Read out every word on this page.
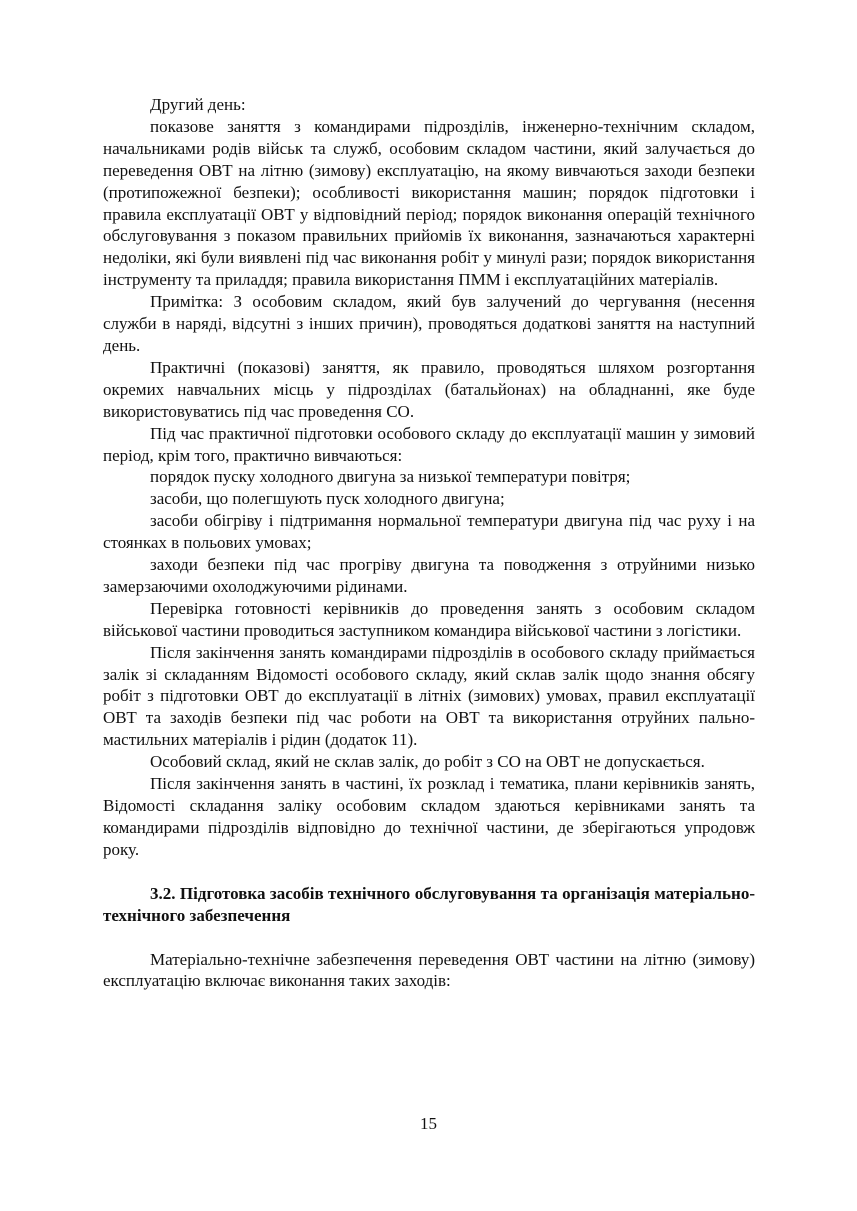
Другий день:

показове заняття з командирами підрозділів, інженерно-технічним складом, начальниками родів військ та служб, особовим складом частини, який залучається до переведення ОВТ на літню (зимову) експлуатацію, на якому вивчаються заходи безпеки (протипожежної безпеки); особливості використання машин; порядок підготовки і правила експлуатації ОВТ у відповідний період; порядок виконання операцій технічного обслуговування з показом правильних прийомів їх виконання, зазначаються характерні недоліки, які були виявлені під час виконання робіт у минулі рази; порядок використання інструменту та приладдя; правила використання ПММ і експлуатаційних матеріалів.

Примітка: З особовим складом, який був залучений до чергування (несення служби в наряді, відсутні з інших причин), проводяться додаткові заняття на наступний день.

Практичні (показові) заняття, як правило, проводяться шляхом розгортання окремих навчальних місць у підрозділах (батальйонах) на обладнанні, яке буде використовуватись під час проведення СО.

Під час практичної підготовки особового складу до експлуатації машин у зимовий період, крім того, практично вивчаються:

порядок пуску холодного двигуна за низької температури повітря;

засоби, що полегшують пуск холодного двигуна;

засоби обігріву і підтримання нормальної температури двигуна під час руху і на стоянках в польових умовах;

заходи безпеки під час прогріву двигуна та поводження з отруйними низько замерзаючими охолоджуючими рідинами.

Перевірка готовності керівників до проведення занять з особовим складом військової частини проводиться заступником командира військової частини з логістики.

Після закінчення занять командирами підрозділів в особового складу приймається залік зі складанням Відомості особового складу, який склав залік щодо знання обсягу робіт з підготовки ОВТ до експлуатації в літніх (зимових) умовах, правил експлуатації ОВТ та заходів безпеки під час роботи на ОВТ та використання отруйних пально-мастильних матеріалів і рідин (додаток 11).

Особовий склад, який не склав залік, до робіт з СО на ОВТ не допускається.

Після закінчення занять в частині, їх розклад і тематика, плани керівників занять, Відомості складання заліку особовим складом здаються керівниками занять та командирами підрозділів відповідно до технічної частини, де зберігаються упродовж року.

3.2. Підготовка засобів технічного обслуговування та організація матеріально-технічного забезпечення

Матеріально-технічне забезпечення переведення ОВТ частини на літню (зимову) експлуатацію включає виконання таких заходів:

15
